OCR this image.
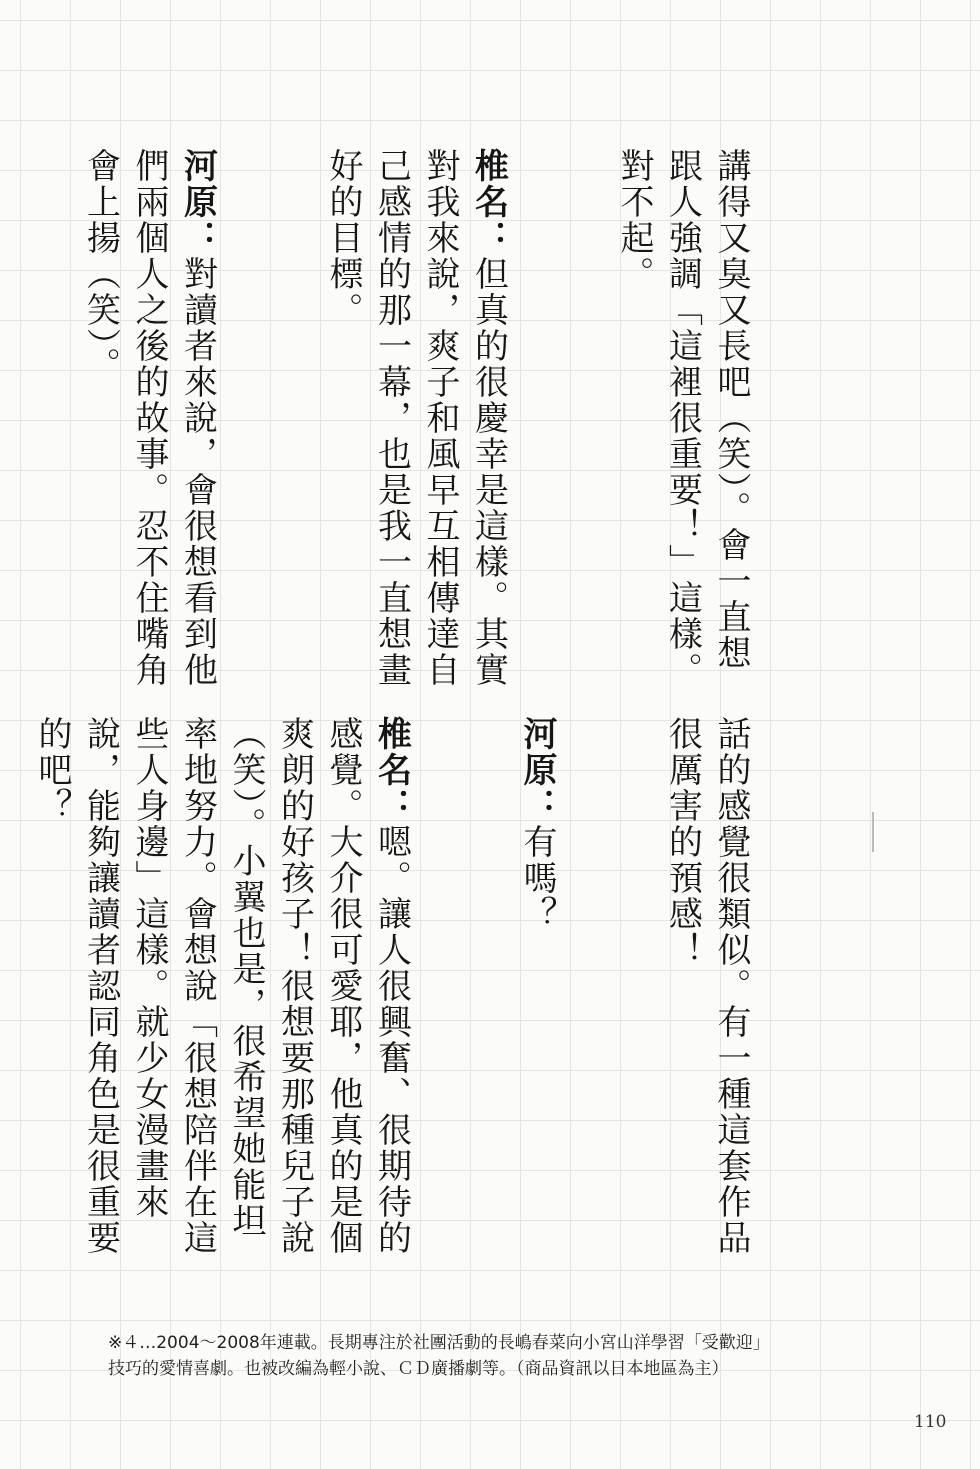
講得又臭又長吧（笑）。會一直想跟人強調「這裡很重要！」這樣。對不起。

椎名：但真的很慶幸是這樣。其實對我來說，爽子和風早互相傳達自己感情的那一幕，也是我一直想畫好的目標。

河原：對讀者來說，會很想看到他們兩個人之後的故事。忍不住嘴角會上揚（笑）。

話的感覺很類似。有一種這套作品很厲害的預感！

河原：有嗎？

椎名：嗯。讓人很興奮、很期待的感覺。大介很可愛耶，他真的是個爽朗的好孩子！很想要那種兒子說（笑）。小翼也是，很希望她能坦率地努力。會想說「很想陪伴在這些人身邊」這樣。就少女漫畫來說，能夠讓讀者認同角色是很重要的吧？

※４…2004～2008年連載。長期專注於社團活動的長嶋春菜向小宮山洋學習「受歡迎」
技巧的愛情喜劇。也被改編為輕小說、ＣＤ廣播劇等。（商品資訊以日本地區為主）
110
